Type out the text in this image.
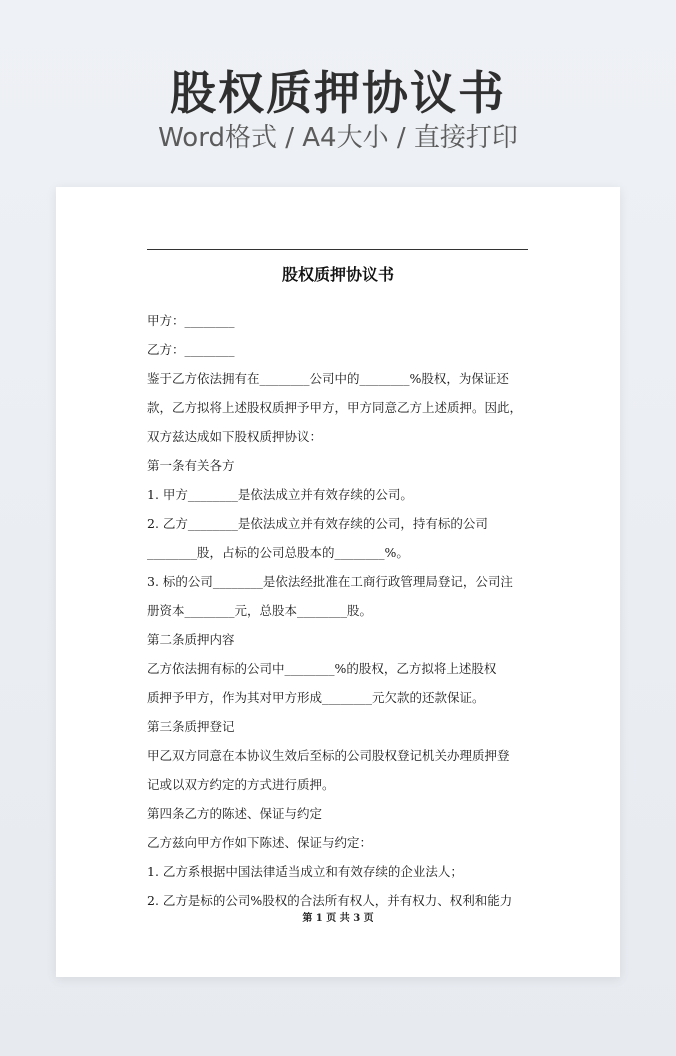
股权质押协议书
Word格式 / A4大小 / 直接打印
股权质押协议书

甲方：________

乙方：________

鉴于乙方依法拥有在________公司中的________%股权，为保证还

款，乙方拟将上述股权质押予甲方，甲方同意乙方上述质押。因此，

双方兹达成如下股权质押协议：

第一条有关各方

1. 甲方________是依法成立并有效存续的公司。

2. 乙方________是依法成立并有效存续的公司，持有标的公司

________股，占标的公司总股本的________%。

3. 标的公司________是依法经批准在工商行政管理局登记，公司注

册资本________元，总股本________股。

第二条质押内容

乙方依法拥有标的公司中________%的股权，乙方拟将上述股权

质押予甲方，作为其对甲方形成________元欠款的还款保证。

第三条质押登记

甲乙双方同意在本协议生效后至标的公司股权登记机关办理质押登

记或以双方约定的方式进行质押。

第四条乙方的陈述、保证与约定

乙方兹向甲方作如下陈述、保证与约定：

1. 乙方系根据中国法律适当成立和有效存续的企业法人；

2. 乙方是标的公司%股权的合法所有权人，并有权力、权利和能力

第 1 页 共 3 页
